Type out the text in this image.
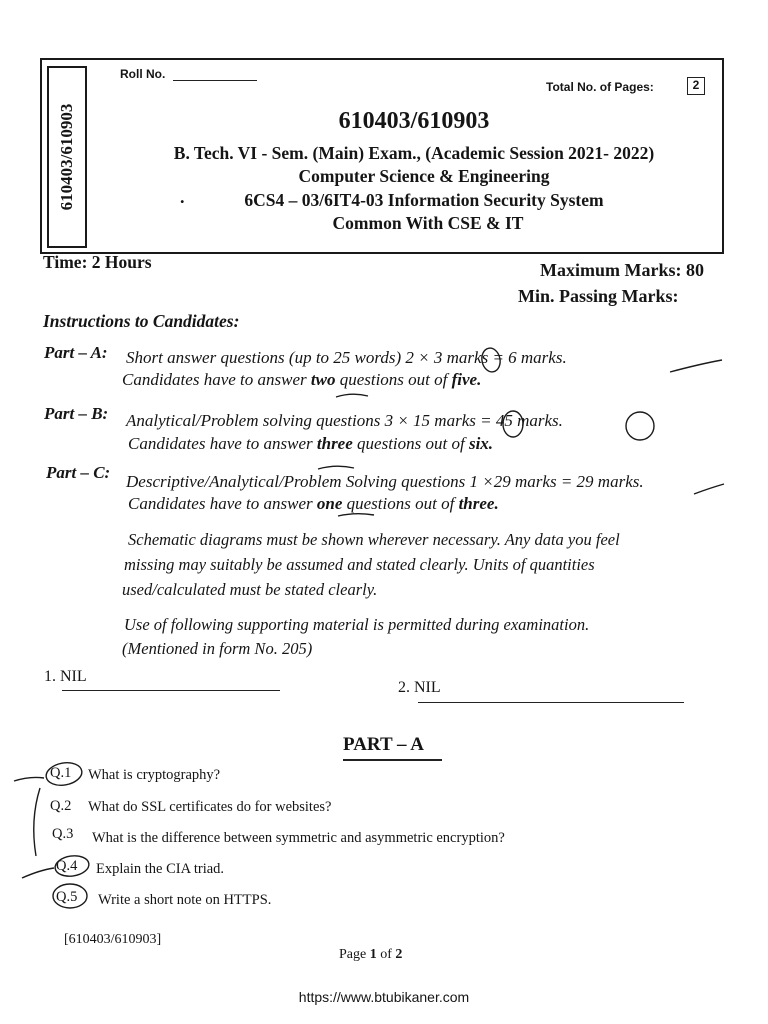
610403/610903
Roll No.
Total No. of Pages:	2
610403/610903
B. Tech. VI - Sem. (Main) Exam., (Academic Session 2021- 2022)
Computer Science & Engineering
.	6CS4 – 03/6IT4-03 Information Security System
Common With CSE & IT
Time: 2 Hours	Maximum Marks: 80
Min. Passing Marks:
Instructions to Candidates:
Part – A: Short answer questions (up to 25 words) 2 × 3 marks = 6 marks.
Candidates have to answer two questions out of five.
Part – B: Analytical/Problem solving questions 3 × 15 marks = 45 marks.
Candidates have to answer three questions out of six.
Part – C: Descriptive/Analytical/Problem Solving questions 1 ×29 marks = 29 marks.
Candidates have to answer one questions out of three.
Schematic diagrams must be shown wherever necessary. Any data you feel
missing may suitably be assumed and stated clearly. Units of quantities
used/calculated must be stated clearly.
Use of following supporting material is permitted during examination.
(Mentioned in form No. 205)
1. NIL
2. NIL
PART – A
Q.1 What is cryptography?
Q.2 What do SSL certificates do for websites?
Q.3 What is the difference between symmetric and asymmetric encryption?
Q.4 Explain the CIA triad.
Q.5 Write a short note on HTTPS.
[610403/610903]
Page 1 of 2
https://www.btubikaner.com
